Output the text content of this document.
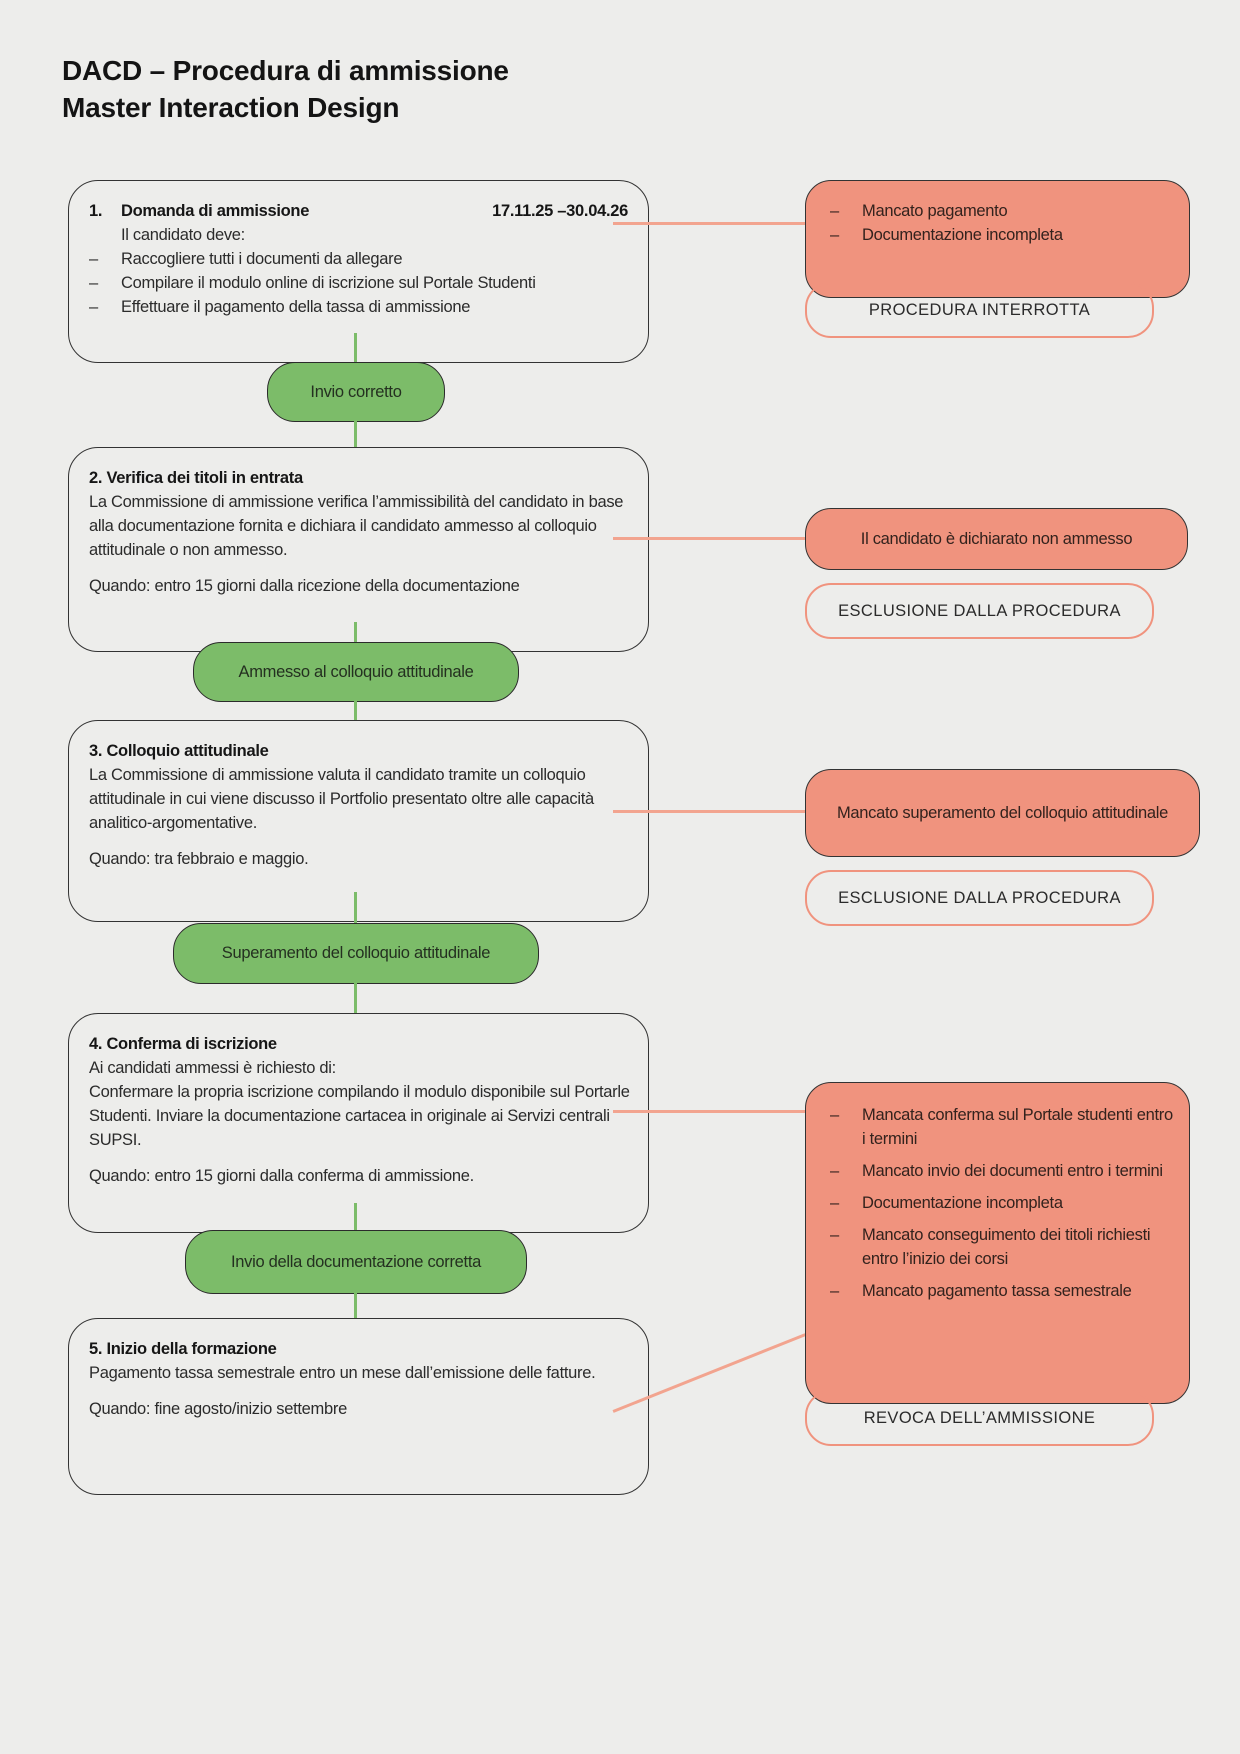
DACD – Procedura di ammissione
Master Interaction Design
1.	Domanda di ammissione	17.11.25 –30.04.26
Il candidato deve:
–	Raccogliere tutti i documenti da allegare
–	Compilare il modulo online di iscrizione sul Portale Studenti
–	Effettuare il pagamento della tassa di ammissione
Invio corretto
2. Verifica dei titoli in entrata
La Commissione di ammissione verifica l’ammissibilità del candidato in base alla documentazione fornita e dichiara il candidato ammesso al colloquio attitudinale o non ammesso.
Quando: entro 15 giorni dalla ricezione della documentazione
Ammesso al colloquio attitudinale
3. Colloquio attitudinale
La Commissione di ammissione valuta il candidato tramite un colloquio attitudinale in cui viene discusso il Portfolio presentato oltre alle capacità analitico-argomentative.
Quando: tra febbraio e maggio.
Superamento del colloquio attitudinale
4. Conferma di iscrizione
Ai candidati ammessi è richiesto di:
Confermare la propria iscrizione compilando il modulo disponibile sul Portarle Studenti. Inviare la documentazione cartacea in originale ai Servizi centrali SUPSI.
Quando: entro 15 giorni dalla conferma di ammissione.
Invio della documentazione corretta
5. Inizio della formazione
Pagamento tassa semestrale entro un mese dall’emissione delle fatture.
Quando: fine agosto/inizio settembre
–	Mancato pagamento
–	Documentazione incompleta
PROCEDURA INTERROTTA
Il candidato è dichiarato non ammesso
ESCLUSIONE DALLA PROCEDURA
Mancato superamento del colloquio attitudinale
ESCLUSIONE DALLA PROCEDURA
–	Mancata conferma sul Portale studenti entro i termini
–	Mancato invio dei documenti entro i termini
–	Documentazione incompleta
–	Mancato conseguimento dei titoli richiesti entro l’inizio dei corsi
–	Mancato pagamento tassa semestrale
REVOCA DELL’AMMISSIONE
